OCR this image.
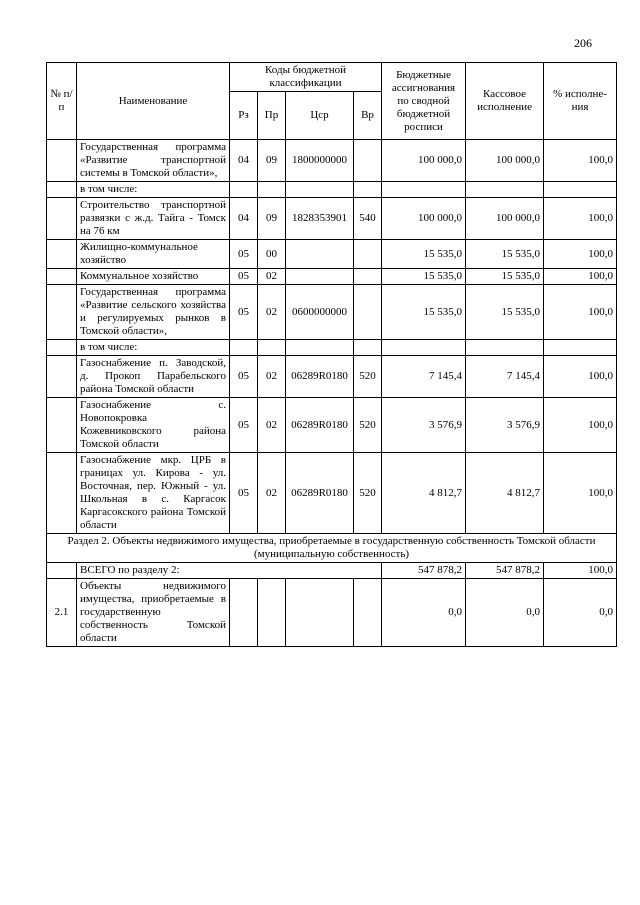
206
№ п/п	Наименование	Коды бюджетной классификации				Бюджетные ассигнования по сводной бюджетной росписи	Кассовое исполнение	% исполне-ния
		Рз	Пр	Цср	Вр			
	Государственная программа «Развитие транспортной системы в Томской области»,	04	09	1800000000		100 000,0	100 000,0	100,0
	в том числе:							
	Строительство транспортной развязки с ж.д. Тайга - Томск на 76 км	04	09	1828353901	540	100 000,0	100 000,0	100,0
	Жилищно-коммунальное хозяйство	05	00			15 535,0	15 535,0	100,0
	Коммунальное хозяйство	05	02			15 535,0	15 535,0	100,0
	Государственная программа «Развитие сельского хозяйства и регулируемых рынков в Томской области»,	05	02	0600000000		15 535,0	15 535,0	100,0
	в том числе:							
	Газоснабжение п. Заводской, д. Прокоп Парабельского района Томской области	05	02	06289R0180	520	7 145,4	7 145,4	100,0
	Газоснабжение с. Новопокровка Кожевниковского района Томской области	05	02	06289R0180	520	3 576,9	3 576,9	100,0
	Газоснабжение мкр. ЦРБ в границах ул. Кирова - ул. Восточная, пер. Южный - ул. Школьная в с. Каргасок Каргасокского района Томской области	05	02	06289R0180	520	4 812,7	4 812,7	100,0
Раздел 2. Объекты недвижимого имущества, приобретаемые в государственную собственность Томской области (муниципальную собственность)								
	ВСЕГО по разделу 2:					547 878,2	547 878,2	100,0
2.1	Объекты недвижимого имущества, приобретаемые в государственную собственность Томской области					0,0	0,0	0,0
